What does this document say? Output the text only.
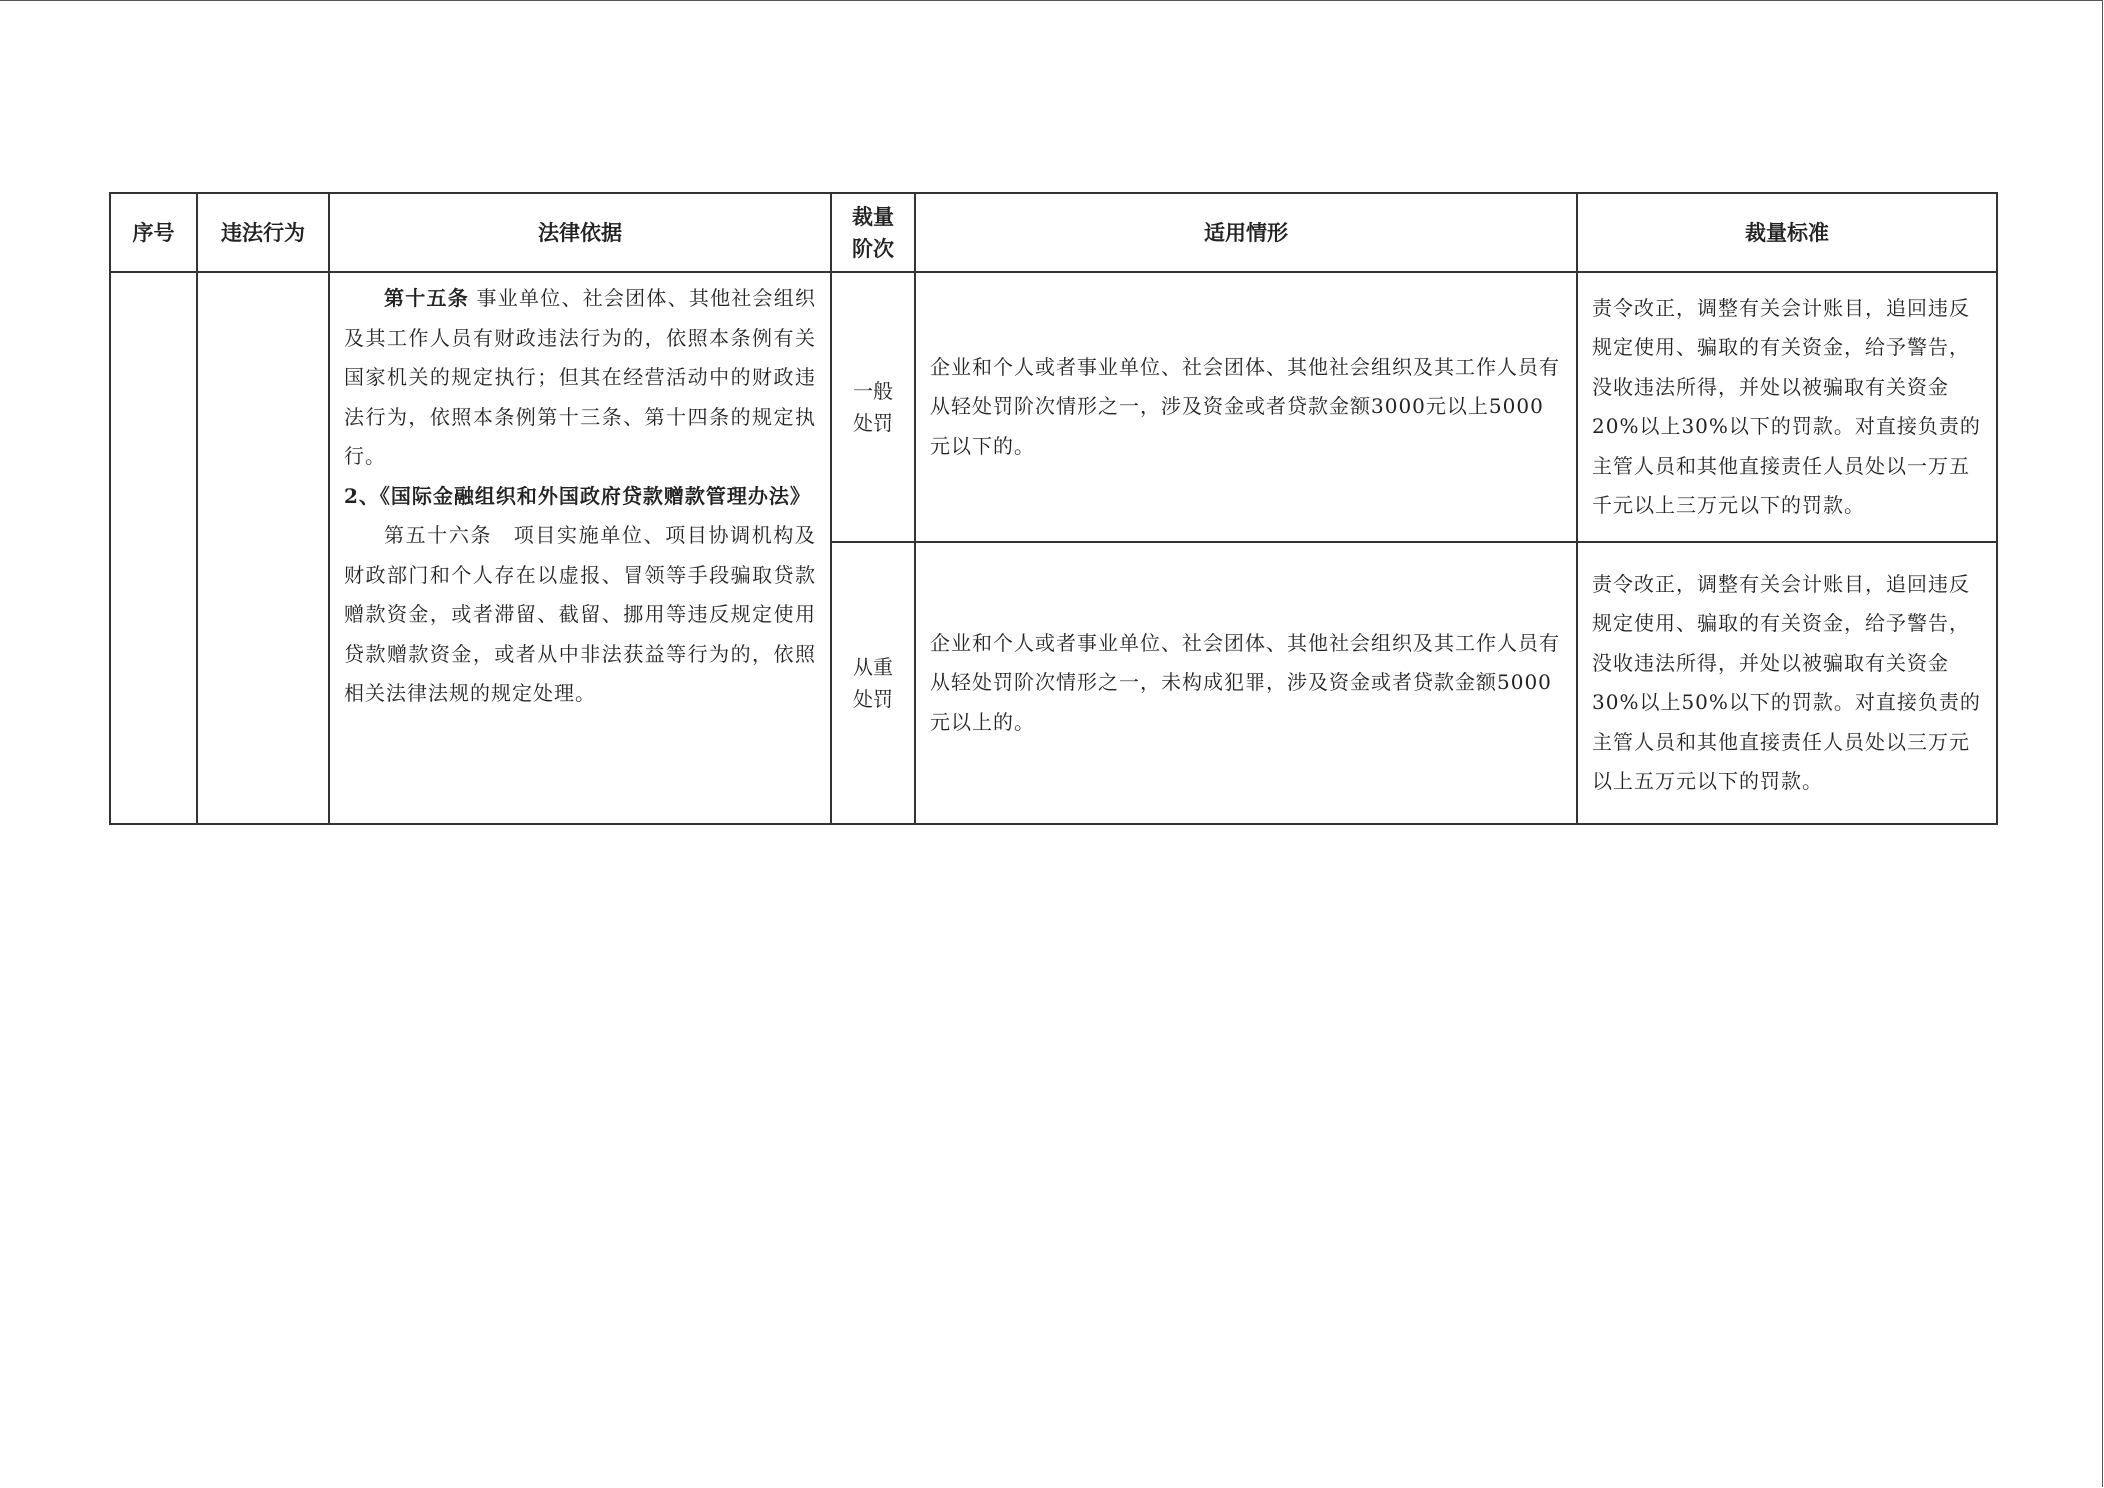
序号	违法行为	法律依据	裁量阶次	适用情形	裁量标准

		第十五条 事业单位、社会团体、其他社会组织及其工作人员有财政违法行为的，依照本条例有关国家机关的规定执行；但其在经营活动中的财政违法行为，依照本条例第十三条、第十四条的规定执行。

2、《国际金融组织和外国政府贷款赠款管理办法》

第五十六条　项目实施单位、项目协调机构及财政部门和个人存在以虚报、冒领等手段骗取贷款赠款资金，或者滞留、截留、挪用等违反规定使用贷款赠款资金，或者从中非法获益等行为的，依照相关法律法规的规定处理。	一般处罚	企业和个人或者事业单位、社会团体、其他社会组织及其工作人员有从轻处罚阶次情形之一，涉及资金或者贷款金额3000元以上5000元以下的。	责令改正，调整有关会计账目，追回违反规定使用、骗取的有关资金，给予警告，没收违法所得，并处以被骗取有关资金20%以上30%以下的罚款。对直接负责的主管人员和其他直接责任人员处以一万五千元以上三万元以下的罚款。

			从重处罚	企业和个人或者事业单位、社会团体、其他社会组织及其工作人员有从轻处罚阶次情形之一，未构成犯罪，涉及资金或者贷款金额5000元以上的。	责令改正，调整有关会计账目，追回违反规定使用、骗取的有关资金，给予警告，没收违法所得，并处以被骗取有关资金30%以上50%以下的罚款。对直接负责的主管人员和其他直接责任人员处以三万元以上五万元以下的罚款。
